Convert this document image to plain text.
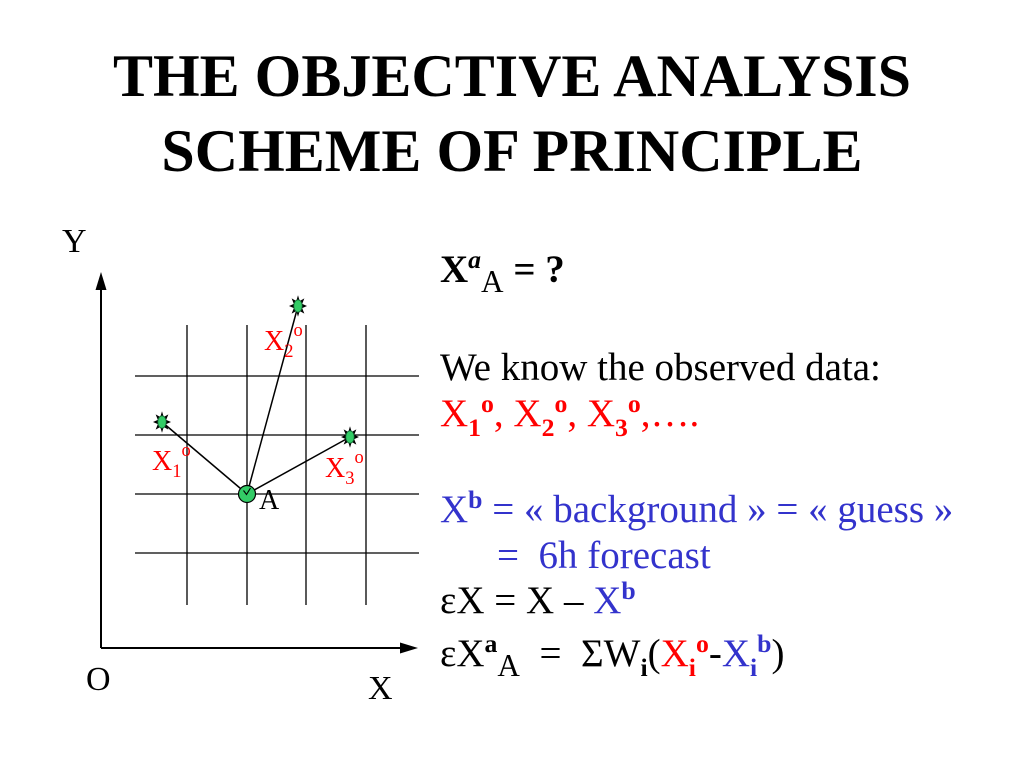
THE OBJECTIVE ANALYSIS
SCHEME OF PRINCIPLE
Y
O	X
$X_1^o$
$X_2^o$
$X_3^o$
A
$X^a_A$ = ?
We know the observed data:
$X_1^o$, $X_2^o$, $X_3^o,\dots$.
$X^b$ = « background » = « guess »
=  6h forecast
$\varepsilon X = X - X^b$
$\varepsilon X^a_A = \Sigma W_i(X_i^o-X_i^b)$
